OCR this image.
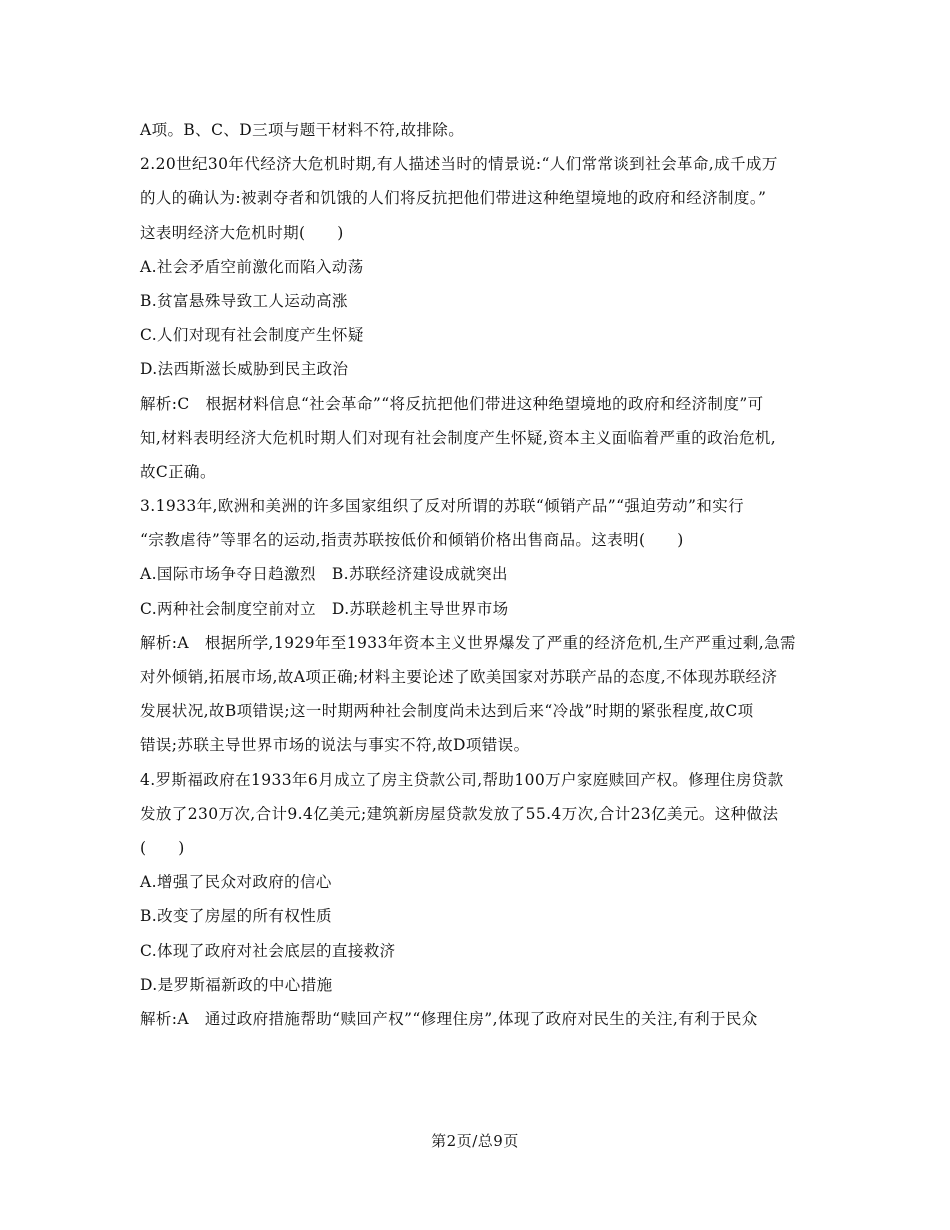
A项。B、C、D三项与题干材料不符,故排除。
2.20世纪30年代经济大危机时期,有人描述当时的情景说:“人们常常谈到社会革命,成千成万
的人的确认为:被剥夺者和饥饿的人们将反抗把他们带进这种绝望境地的政府和经济制度。”
这表明经济大危机时期(　　)
A.社会矛盾空前激化而陷入动荡
B.贫富悬殊导致工人运动高涨
C.人们对现有社会制度产生怀疑
D.法西斯滋长威胁到民主政治
解析:C　根据材料信息“社会革命”“将反抗把他们带进这种绝望境地的政府和经济制度”可
知,材料表明经济大危机时期人们对现有社会制度产生怀疑,资本主义面临着严重的政治危机,
故C正确。
3.1933年,欧洲和美洲的许多国家组织了反对所谓的苏联“倾销产品”“强迫劳动”和实行
“宗教虐待”等罪名的运动,指责苏联按低价和倾销价格出售商品。这表明(　　)
A.国际市场争夺日趋激烈　B.苏联经济建设成就突出
C.两种社会制度空前对立　D.苏联趁机主导世界市场
解析:A　根据所学,1929年至1933年资本主义世界爆发了严重的经济危机,生产严重过剩,急需
对外倾销,拓展市场,故A项正确;材料主要论述了欧美国家对苏联产品的态度,不体现苏联经济
发展状况,故B项错误;这一时期两种社会制度尚未达到后来“冷战”时期的紧张程度,故C项
错误;苏联主导世界市场的说法与事实不符,故D项错误。
4.罗斯福政府在1933年6月成立了房主贷款公司,帮助100万户家庭赎回产权。修理住房贷款
发放了230万次,合计9.4亿美元;建筑新房屋贷款发放了55.4万次,合计23亿美元。这种做法
(　　)
A.增强了民众对政府的信心
B.改变了房屋的所有权性质
C.体现了政府对社会底层的直接救济
D.是罗斯福新政的中心措施
解析:A　通过政府措施帮助“赎回产权”“修理住房”,体现了政府对民生的关注,有利于民众
第2页/总9页
